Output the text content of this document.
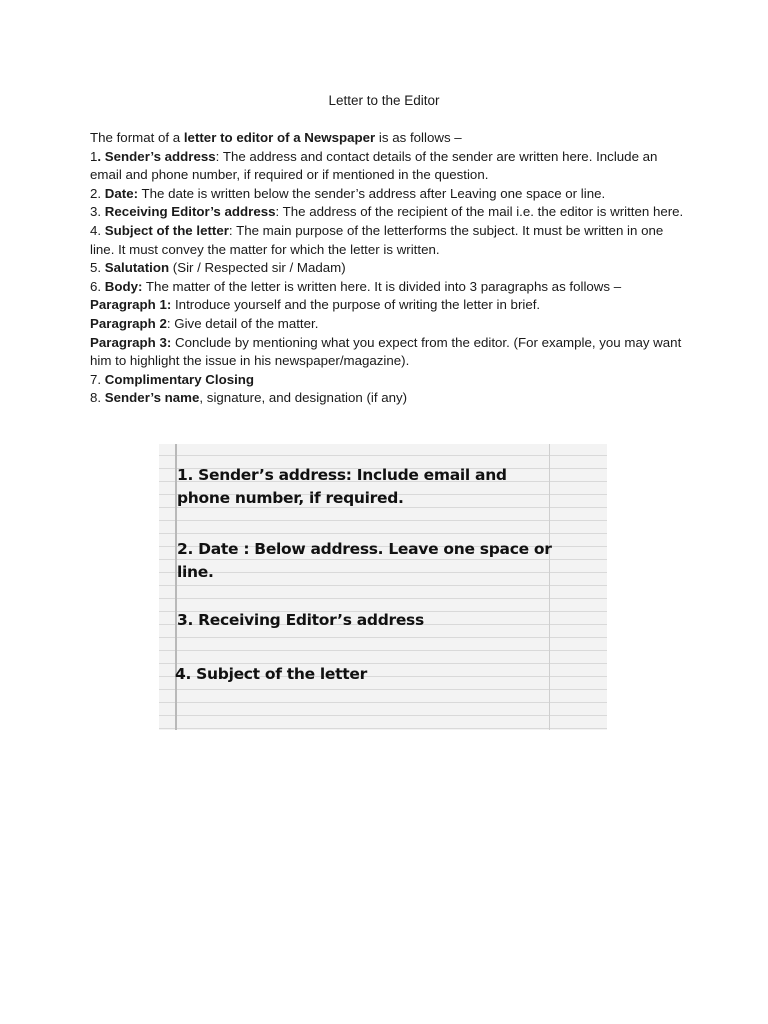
Letter to the Editor

The format of a letter to editor of a Newspaper is as follows –

1. Sender’s address: The address and contact details of the sender are written here. Include an email and phone number, if required or if mentioned in the question.

2. Date: The date is written below the sender’s address after Leaving one space or line.

3. Receiving Editor’s address: The address of the recipient of the mail i.e. the editor is written here.

4. Subject of the letter: The main purpose of the letterforms the subject. It must be written in one line. It must convey the matter for which the letter is written.

5. Salutation (Sir / Respected sir / Madam)

6. Body: The matter of the letter is written here. It is divided into 3 paragraphs as follows –

Paragraph 1: Introduce yourself and the purpose of writing the letter in brief.

Paragraph 2: Give detail of the matter.

Paragraph 3: Conclude by mentioning what you expect from the editor. (For example, you may want him to highlight the issue in his newspaper/magazine).

7. Complimentary Closing

8. Sender’s name, signature, and designation (if any)

1. Sender’s address: Include email and phone number, if required.
2. Date : Below address. Leave one space or line.
3. Receiving Editor’s address
4. Subject of the letter
